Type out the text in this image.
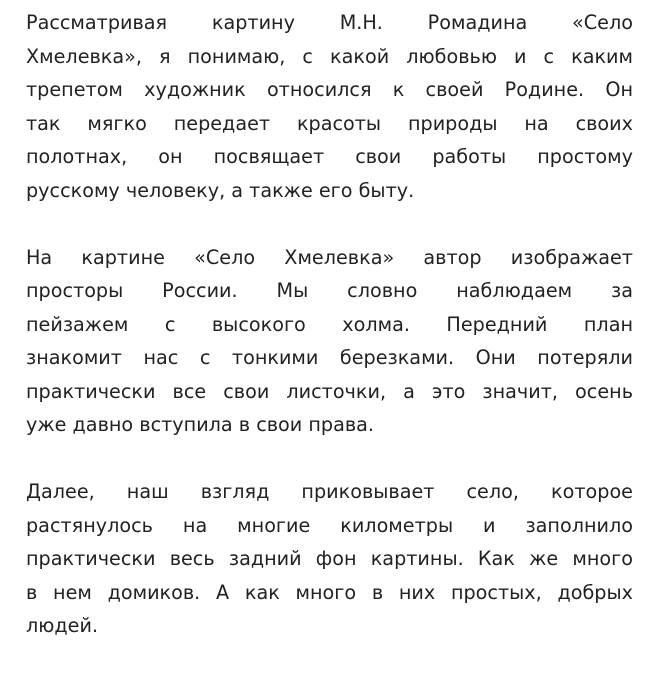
Рассматривая картину М.Н. Ромадина «Село
Хмелевка», я понимаю, с какой любовью и с каким
трепетом художник относился к своей Родине. Он
так мягко передает красоты природы на своих
полотнах, он посвящает свои работы простому
русскому человеку, а также его быту.
На картине «Село Хмелевка» автор изображает
просторы России. Мы словно наблюдаем за
пейзажем с высокого холма. Передний план
знакомит нас с тонкими березками. Они потеряли
практически все свои листочки, а это значит, осень
уже давно вступила в свои права.
Далее, наш взгляд приковывает село, которое
растянулось на многие километры и заполнило
практически весь задний фон картины. Как же много
в нем домиков. А как много в них простых, добрых
людей.
